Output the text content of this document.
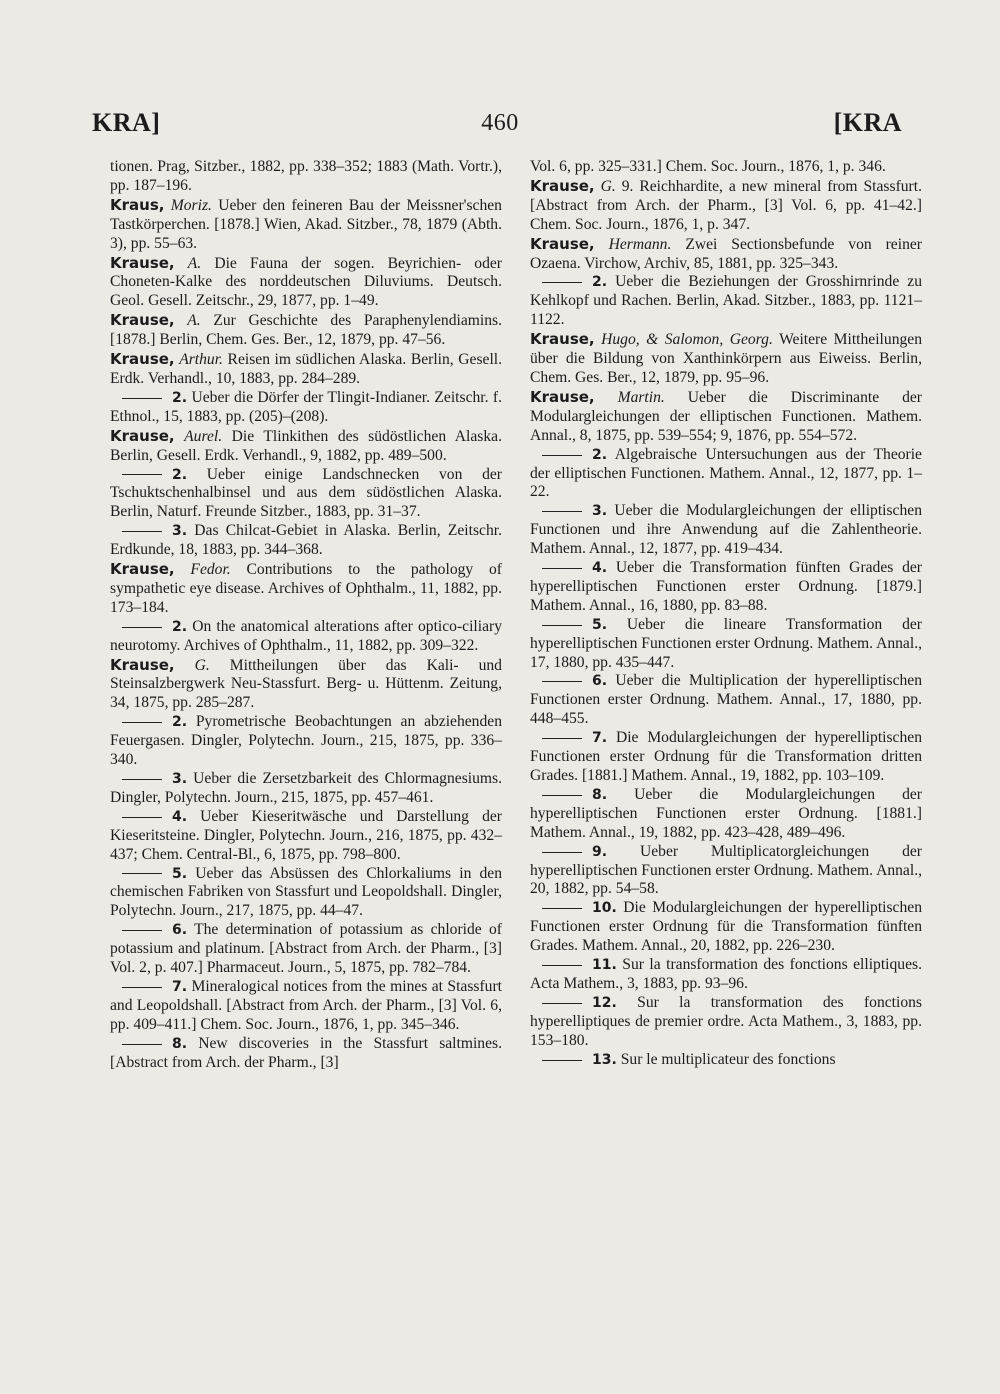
KRA]	460	[KRA

tionen. Prag, Sitzber., 1882, pp. 338–352; 1883 (Math. Vortr.), pp. 187–196.

Kraus, Moriz. Ueber den feineren Bau der Meissner'schen Tastkörperchen. [1878.] Wien, Akad. Sitzber., 78, 1879 (Abth. 3), pp. 55–63.

Krause, A. Die Fauna der sogen. Beyrichien- oder Choneten-Kalke des norddeutschen Diluviums. Deutsch. Geol. Gesell. Zeitschr., 29, 1877, pp. 1–49.

Krause, A. Zur Geschichte des Paraphenylendiamins. [1878.] Berlin, Chem. Ges. Ber., 12, 1879, pp. 47–56.

Krause, Arthur. Reisen im südlichen Alaska. Berlin, Gesell. Erdk. Verhandl., 10, 1883, pp. 284–289.

2. Ueber die Dörfer der Tlingit-Indianer. Zeitschr. f. Ethnol., 15, 1883, pp. (205)–(208).

Krause, Aurel. Die Tlinkithen des südöstlichen Alaska. Berlin, Gesell. Erdk. Verhandl., 9, 1882, pp. 489–500.

2. Ueber einige Landschnecken von der Tschuktschenhalbinsel und aus dem südöstlichen Alaska. Berlin, Naturf. Freunde Sitzber., 1883, pp. 31–37.

3. Das Chilcat-Gebiet in Alaska. Berlin, Zeitschr. Erdkunde, 18, 1883, pp. 344–368.

Krause, Fedor. Contributions to the pathology of sympathetic eye disease. Archives of Ophthalm., 11, 1882, pp. 173–184.

2. On the anatomical alterations after optico-ciliary neurotomy. Archives of Ophthalm., 11, 1882, pp. 309–322.

Krause, G. Mittheilungen über das Kali- und Steinsalzbergwerk Neu-Stassfurt. Berg- u. Hüttenm. Zeitung, 34, 1875, pp. 285–287.

2. Pyrometrische Beobachtungen an abziehenden Feuergasen. Dingler, Polytechn. Journ., 215, 1875, pp. 336–340.

3. Ueber die Zersetzbarkeit des Chlormagnesiums. Dingler, Polytechn. Journ., 215, 1875, pp. 457–461.

4. Ueber Kieseritwäsche und Darstellung der Kieseritsteine. Dingler, Polytechn. Journ., 216, 1875, pp. 432–437; Chem. Central-Bl., 6, 1875, pp. 798–800.

5. Ueber das Absüssen des Chlorkaliums in den chemischen Fabriken von Stassfurt und Leopoldshall. Dingler, Polytechn. Journ., 217, 1875, pp. 44–47.

6. The determination of potassium as chloride of potassium and platinum. [Abstract from Arch. der Pharm., [3] Vol. 2, p. 407.] Pharmaceut. Journ., 5, 1875, pp. 782–784.

7. Mineralogical notices from the mines at Stassfurt and Leopoldshall. [Abstract from Arch. der Pharm., [3] Vol. 6, pp. 409–411.] Chem. Soc. Journ., 1876, 1, pp. 345–346.

8. New discoveries in the Stassfurt saltmines. [Abstract from Arch. der Pharm., [3]

Vol. 6, pp. 325–331.] Chem. Soc. Journ., 1876, 1, p. 346.

Krause, G. 9. Reichhardite, a new mineral from Stassfurt. [Abstract from Arch. der Pharm., [3] Vol. 6, pp. 41–42.] Chem. Soc. Journ., 1876, 1, p. 347.

Krause, Hermann. Zwei Sectionsbefunde von reiner Ozaena. Virchow, Archiv, 85, 1881, pp. 325–343.

2. Ueber die Beziehungen der Grosshirnrinde zu Kehlkopf und Rachen. Berlin, Akad. Sitzber., 1883, pp. 1121–1122.

Krause, Hugo, & Salomon, Georg. Weitere Mittheilungen über die Bildung von Xanthinkörpern aus Eiweiss. Berlin, Chem. Ges. Ber., 12, 1879, pp. 95–96.

Krause, Martin. Ueber die Discriminante der Modulargleichungen der elliptischen Functionen. Mathem. Annal., 8, 1875, pp. 539–554; 9, 1876, pp. 554–572.

2. Algebraische Untersuchungen aus der Theorie der elliptischen Functionen. Mathem. Annal., 12, 1877, pp. 1–22.

3. Ueber die Modulargleichungen der elliptischen Functionen und ihre Anwendung auf die Zahlentheorie. Mathem. Annal., 12, 1877, pp. 419–434.

4. Ueber die Transformation fünften Grades der hyperelliptischen Functionen erster Ordnung. [1879.] Mathem. Annal., 16, 1880, pp. 83–88.

5. Ueber die lineare Transformation der hyperelliptischen Functionen erster Ordnung. Mathem. Annal., 17, 1880, pp. 435–447.

6. Ueber die Multiplication der hyperelliptischen Functionen erster Ordnung. Mathem. Annal., 17, 1880, pp. 448–455.

7. Die Modulargleichungen der hyperelliptischen Functionen erster Ordnung für die Transformation dritten Grades. [1881.] Mathem. Annal., 19, 1882, pp. 103–109.

8. Ueber die Modulargleichungen der hyperelliptischen Functionen erster Ordnung. [1881.] Mathem. Annal., 19, 1882, pp. 423–428, 489–496.

9. Ueber Multiplicatorgleichungen der hyperelliptischen Functionen erster Ordnung. Mathem. Annal., 20, 1882, pp. 54–58.

10. Die Modulargleichungen der hyperelliptischen Functionen erster Ordnung für die Transformation fünften Grades. Mathem. Annal., 20, 1882, pp. 226–230.

11. Sur la transformation des fonctions elliptiques. Acta Mathem., 3, 1883, pp. 93–96.

12. Sur la transformation des fonctions hyperelliptiques de premier ordre. Acta Mathem., 3, 1883, pp. 153–180.

13. Sur le multiplicateur des fonctions
